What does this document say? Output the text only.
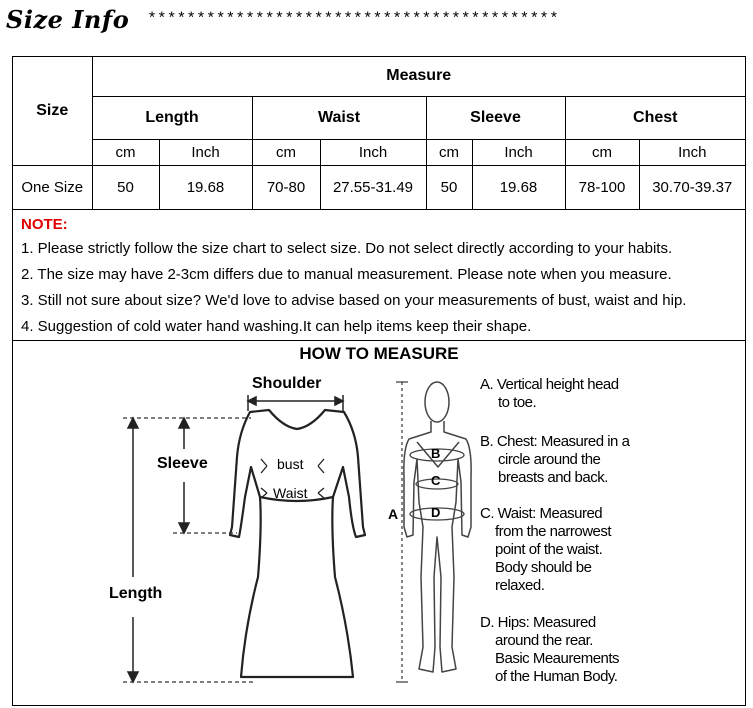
Size Info ******************************************
Size	Measure							
	Length		Waist		Sleeve		Chest	
	cm	Inch	cm	Inch	cm	Inch	cm	Inch
One Size	50	19.68	70-80	27.55-31.49	50	19.68	78-100	30.70-39.37
NOTE:
1. Please strictly follow the size chart to select size. Do not select directly according to your habits.
2. The size may have 2-3cm differs due to manual measurement. Please note when you measure.
3. Still not sure about size? We'd love to advise based on your measurements of bust, waist and hip.
4. Suggestion of cold water hand washing.It can help items keep their shape.
HOW TO MEASURE
Shoulder
Sleeve
Length
bust
Waist
A
B
C
D
A. Vertical height head
to toe.
B. Chest: Measured in a
circle around the
breasts and back.
C. Waist: Measured
from the narrowest
point of the waist.
Body should be
relaxed.
D. Hips: Measured
around the rear.
Basic Meaurements
of the Human Body.
